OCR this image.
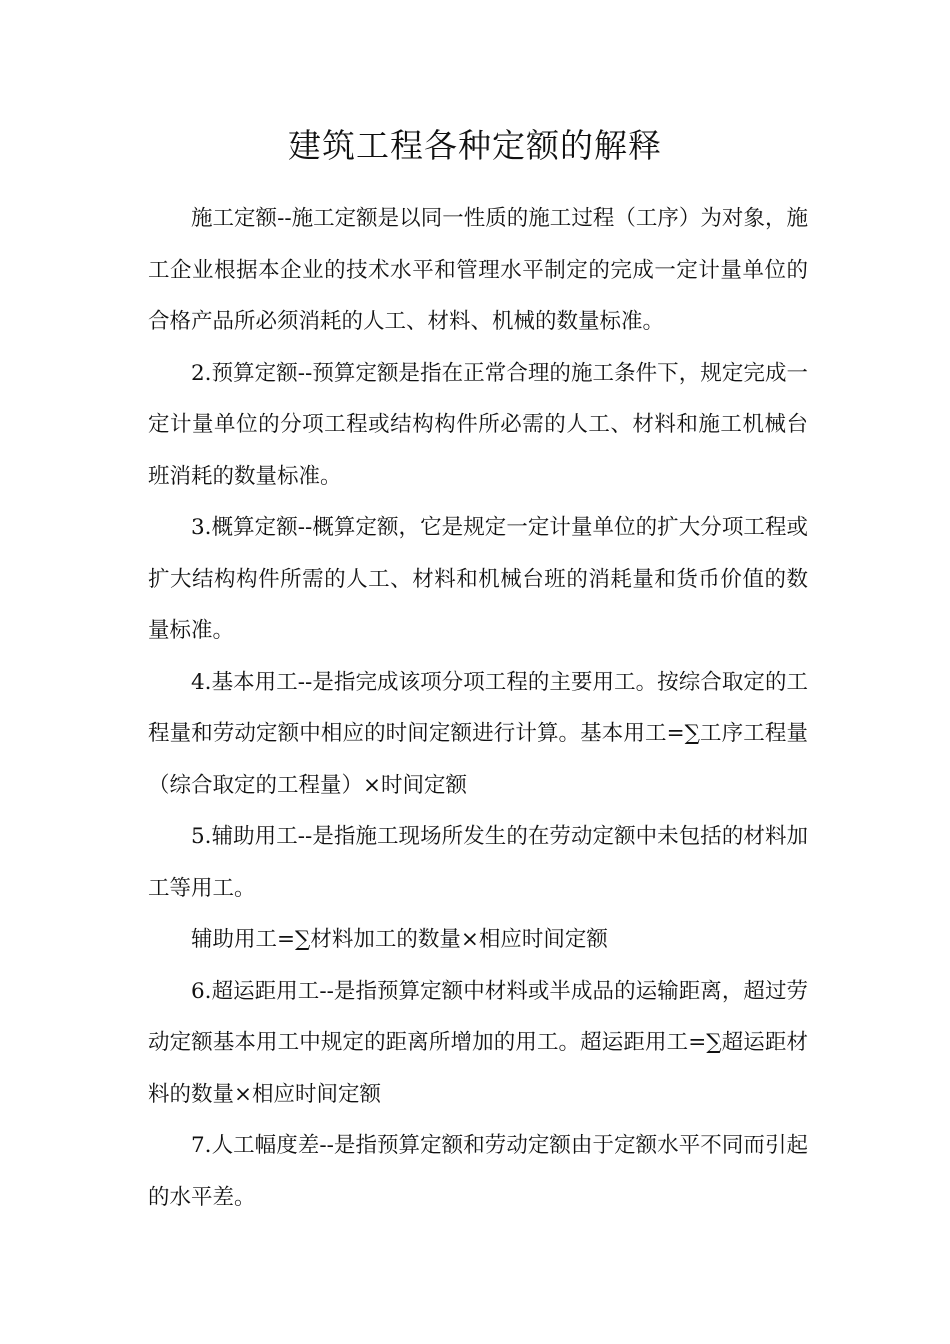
建筑工程各种定额的解释

施工定额--施工定额是以同一性质的施工过程（工序）为对象，施工企业根据本企业的技术水平和管理水平制定的完成一定计量单位的合格产品所必须消耗的人工、材料、机械的数量标准。

2.预算定额--预算定额是指在正常合理的施工条件下，规定完成一定计量单位的分项工程或结构构件所必需的人工、材料和施工机械台班消耗的数量标准。

3.概算定额--概算定额，它是规定一定计量单位的扩大分项工程或扩大结构构件所需的人工、材料和机械台班的消耗量和货币价值的数量标准。

4.基本用工--是指完成该项分项工程的主要用工。按综合取定的工程量和劳动定额中相应的时间定额进行计算。基本用工=∑工序工程量（综合取定的工程量）×时间定额

5.辅助用工--是指施工现场所发生的在劳动定额中未包括的材料加工等用工。

辅助用工=∑材料加工的数量×相应时间定额

6.超运距用工--是指预算定额中材料或半成品的运输距离，超过劳动定额基本用工中规定的距离所增加的用工。超运距用工=∑超运距材料的数量×相应时间定额

7.人工幅度差--是指预算定额和劳动定额由于定额水平不同而引起的水平差。
